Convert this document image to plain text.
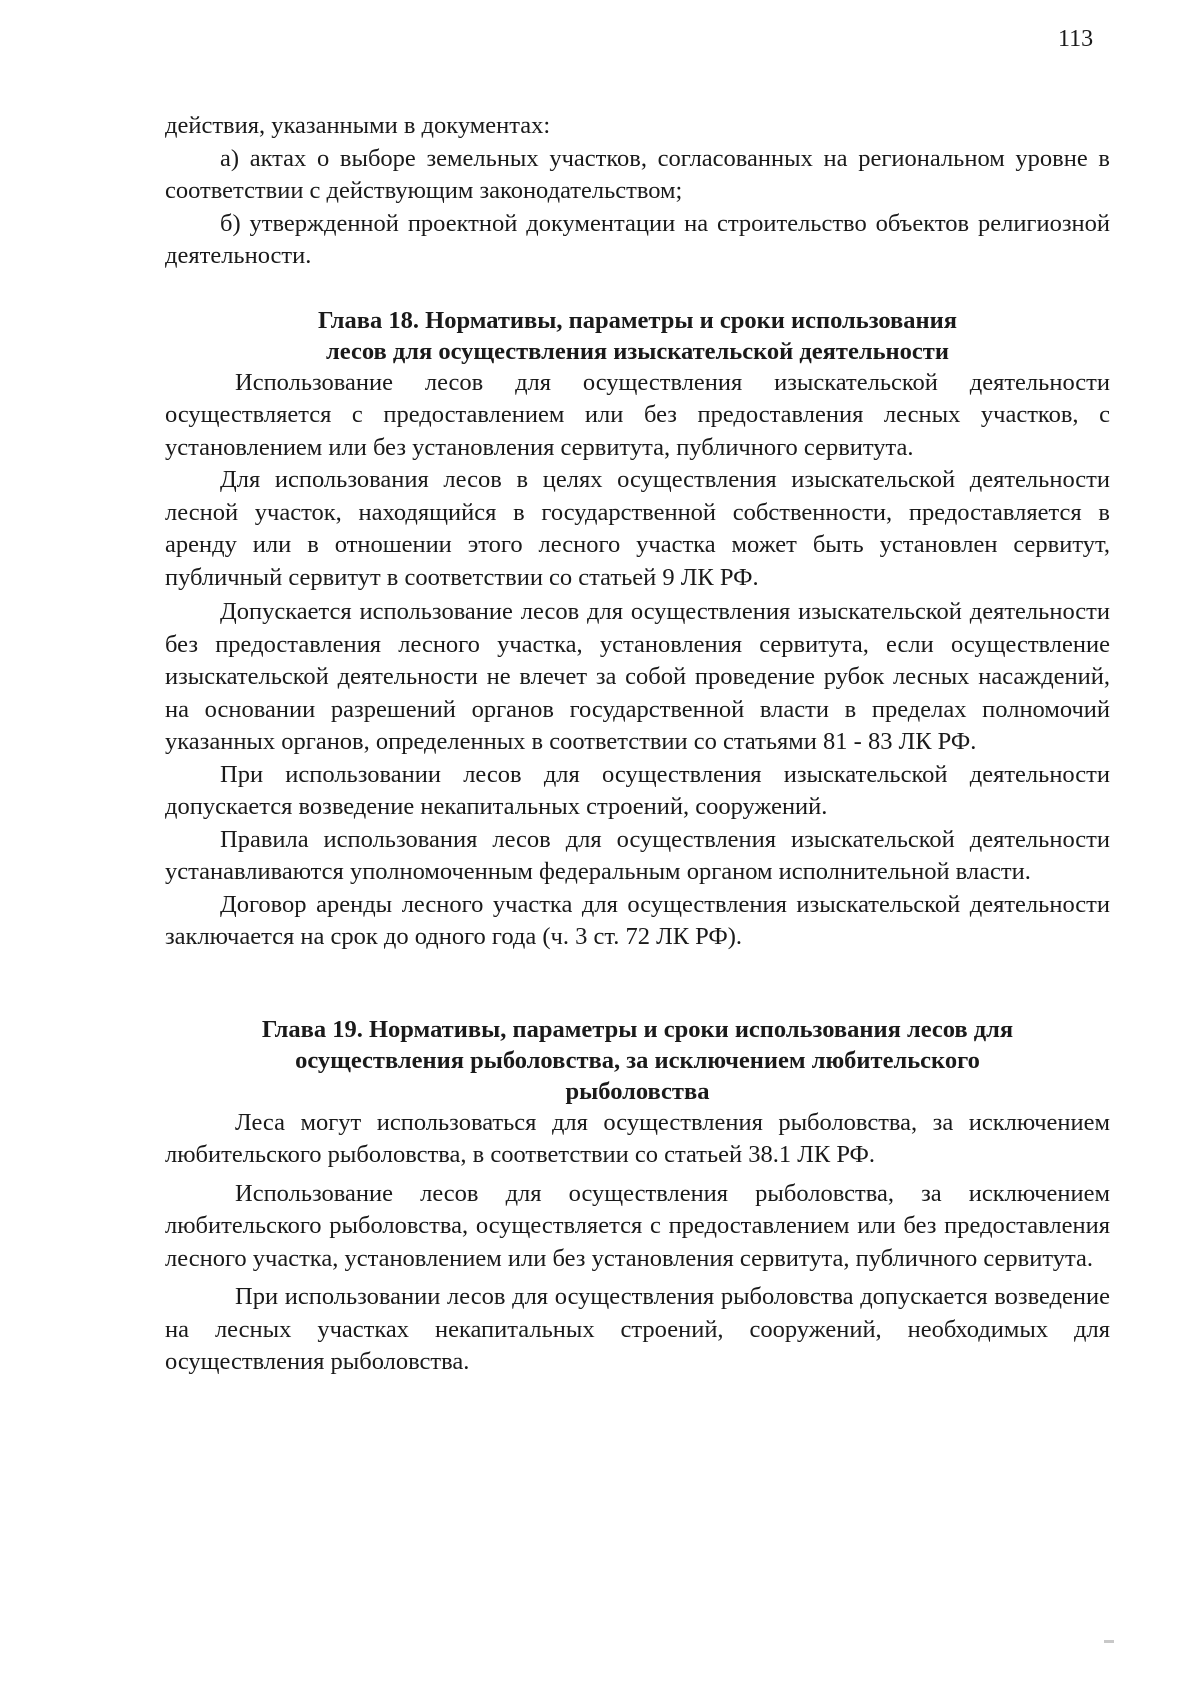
113

действия, указанными в документах:

а) актах о выборе земельных участков, согласованных на региональном уровне в соответствии с действующим законодательством;

б) утвержденной проектной документации на строительство объектов религиозной деятельности.

Глава 18. Нормативы, параметры и сроки использования

лесов для осуществления изыскательской деятельности

Использование лесов для осуществления изыскательской деятельности осуществляется с предоставлением или без предоставления лесных участков, с установлением или без установления сервитута, публичного сервитута.

Для использования лесов в целях осуществления изыскательской деятельности лесной участок, находящийся в государственной собственности, предоставляется в аренду или в отношении этого лесного участка может быть установлен сервитут, публичный сервитут в соответствии со статьей 9 ЛК РФ.

Допускается использование лесов для осуществления изыскательской деятельности без предоставления лесного участка, установления сервитута, если осуществление изыскательской деятельности не влечет за собой проведение рубок лесных насаждений, на основании разрешений органов государственной власти в пределах полномочий указанных органов, определенных в соответствии со статьями 81 - 83 ЛК РФ.

При использовании лесов для осуществления изыскательской деятельности допускается возведение некапитальных строений, сооружений.

Правила использования лесов для осуществления изыскательской деятельности устанавливаются уполномоченным федеральным органом исполнительной власти.

Договор аренды лесного участка для осуществления изыскательской деятельности заключается на срок до одного года (ч. 3 ст. 72 ЛК РФ).

Глава 19. Нормативы, параметры и сроки использования лесов для

осуществления рыболовства, за исключением любительского

рыболовства

Леса могут использоваться для осуществления рыболовства, за исключением любительского рыболовства, в соответствии со статьей 38.1 ЛК РФ.

Использование лесов для осуществления рыболовства, за исключением любительского рыболовства, осуществляется с предоставлением или без предоставления лесного участка, установлением или без установления сервитута, публичного сервитута.

При использовании лесов для осуществления рыболовства допускается возведение на лесных участках некапитальных строений, сооружений, необходимых для осуществления рыболовства.
